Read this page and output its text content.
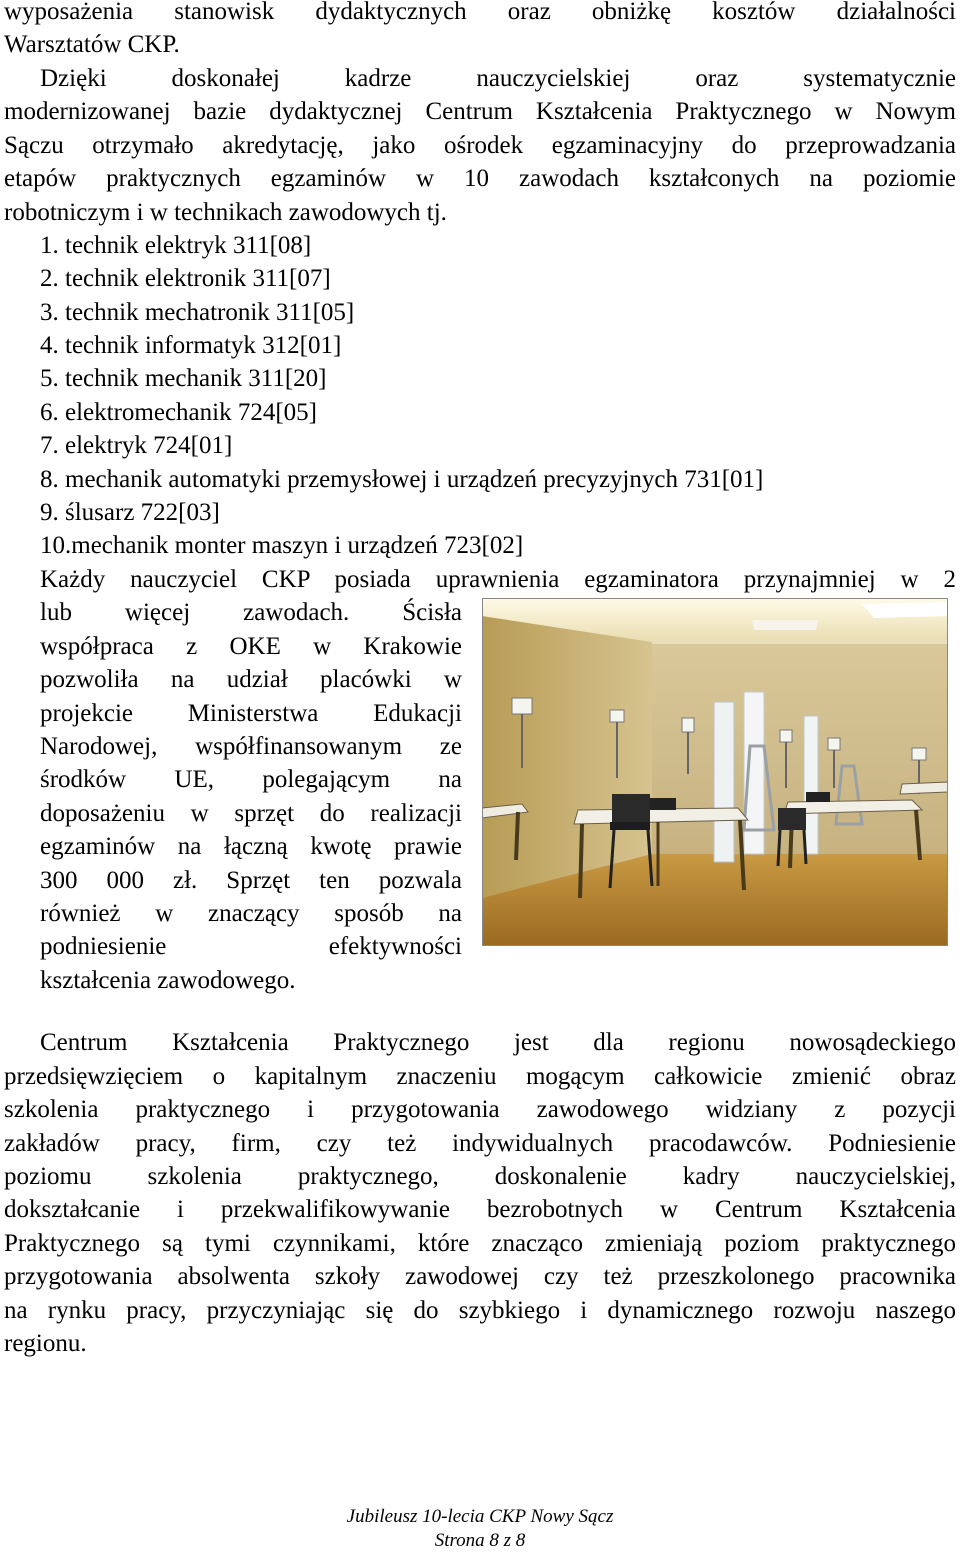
wyposażenia stanowisk dydaktycznych oraz obniżkę kosztów działalności
Warsztatów CKP.
Dzięki doskonałej kadrze nauczycielskiej oraz systematycznie
modernizowanej bazie dydaktycznej Centrum Kształcenia Praktycznego w Nowym
Sączu otrzymało akredytację, jako ośrodek egzaminacyjny do przeprowadzania
etapów praktycznych egzaminów w 10 zawodach kształconych na poziomie
robotniczym i w technikach zawodowych tj.
1. technik elektryk 311[08]
2. technik elektronik 311[07]
3. technik mechatronik 311[05]
4. technik informatyk 312[01]
5. technik mechanik 311[20]
6. elektromechanik 724[05]
7. elektryk 724[01]
8. mechanik automatyki przemysłowej i urządzeń precyzyjnych 731[01]
9. ślusarz 722[03]
10.mechanik monter maszyn i urządzeń 723[02]
Każdy nauczyciel CKP posiada uprawnienia egzaminatora przynajmniej w 2
lub więcej zawodach. Ścisła
współpraca z OKE w Krakowie
pozwoliła na udział placówki w
projekcie Ministerstwa Edukacji
Narodowej, współfinansowanym ze
środków UE, polegającym na
doposażeniu w sprzęt do realizacji
egzaminów na łączną kwotę prawie
300 000 zł. Sprzęt ten pozwala
również w znaczący sposób na
podniesienie efektywności
kształcenia zawodowego.
Centrum Kształcenia Praktycznego jest dla regionu nowosądeckiego
przedsięwzięciem o kapitalnym znaczeniu mogącym całkowicie zmienić obraz
szkolenia praktycznego i przygotowania zawodowego widziany z pozycji
zakładów pracy, firm, czy też indywidualnych pracodawców. Podniesienie
poziomu szkolenia praktycznego, doskonalenie kadry nauczycielskiej,
dokształcanie i przekwalifikowywanie bezrobotnych w Centrum Kształcenia
Praktycznego są tymi czynnikami, które znacząco zmieniają poziom praktycznego
przygotowania absolwenta szkoły zawodowej czy też przeszkolonego pracownika
na rynku pracy, przyczyniając się do szybkiego i dynamicznego rozwoju naszego
regionu.
Jubileusz 10-lecia CKP Nowy Sącz
Strona 8 z 8
